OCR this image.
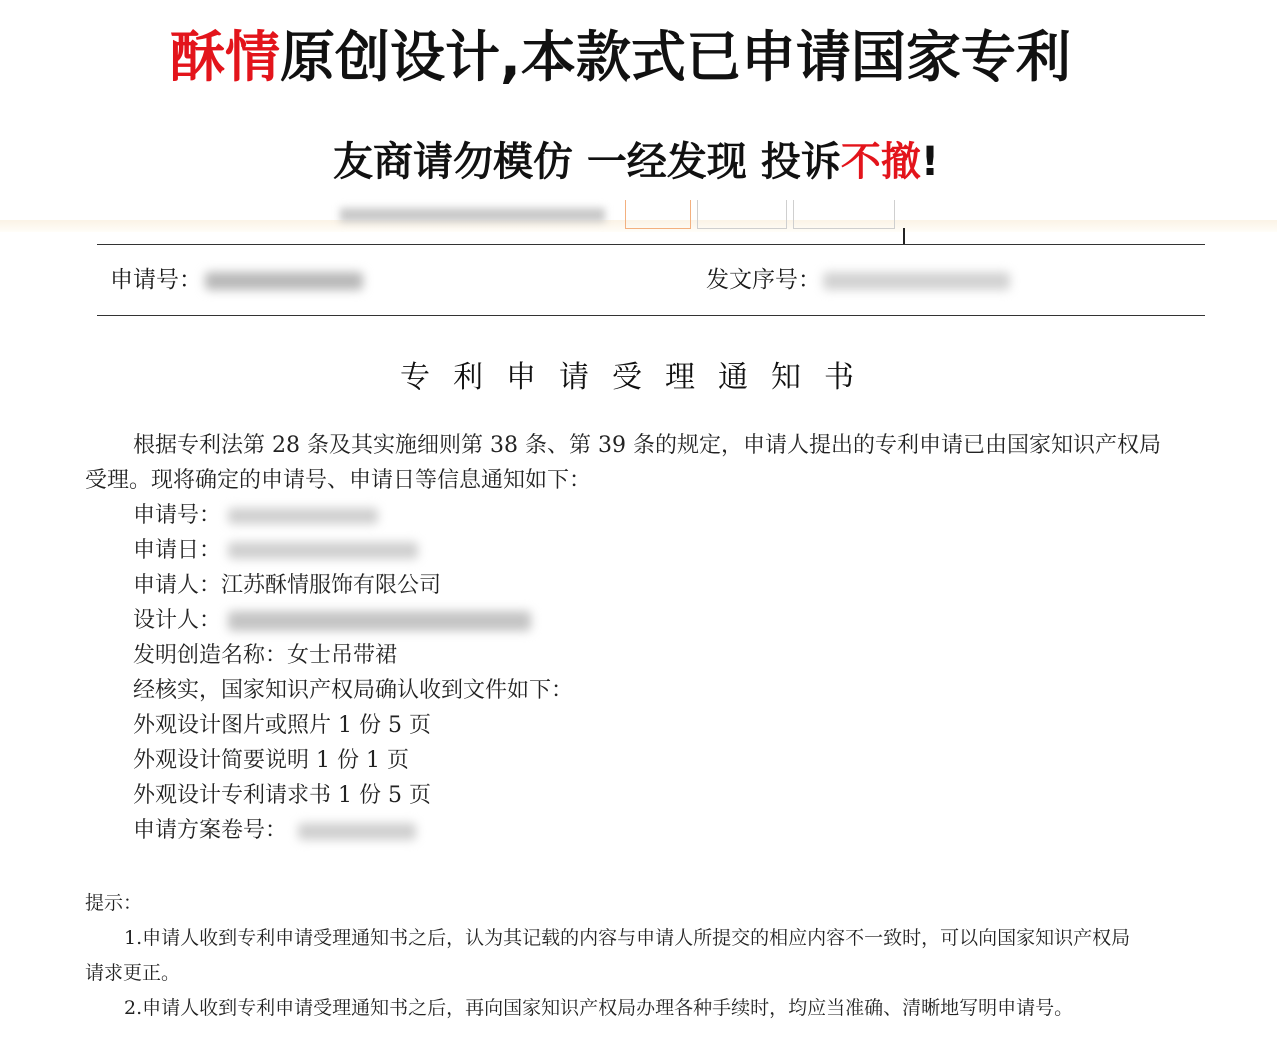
酥情原创设计,本款式已申请国家专利
友商请勿模仿 一经发现 投诉不撤!
申请号：	发文序号：
专利申请受理通知书
根据专利法第 28 条及其实施细则第 38 条、第 39 条的规定，申请人提出的专利申请已由国家知识产权局
受理。现将确定的申请号、申请日等信息通知如下：
申请号：
申请日：
申请人：江苏酥情服饰有限公司
设计人：
发明创造名称：女士吊带裙
经核实，国家知识产权局确认收到文件如下：
外观设计图片或照片 1 份 5 页
外观设计简要说明 1 份 1 页
外观设计专利请求书 1 份 5 页
申请方案卷号：
提示：
1.申请人收到专利申请受理通知书之后，认为其记载的内容与申请人所提交的相应内容不一致时，可以向国家知识产权局
请求更正。
2.申请人收到专利申请受理通知书之后，再向国家知识产权局办理各种手续时，均应当准确、清晰地写明申请号。
